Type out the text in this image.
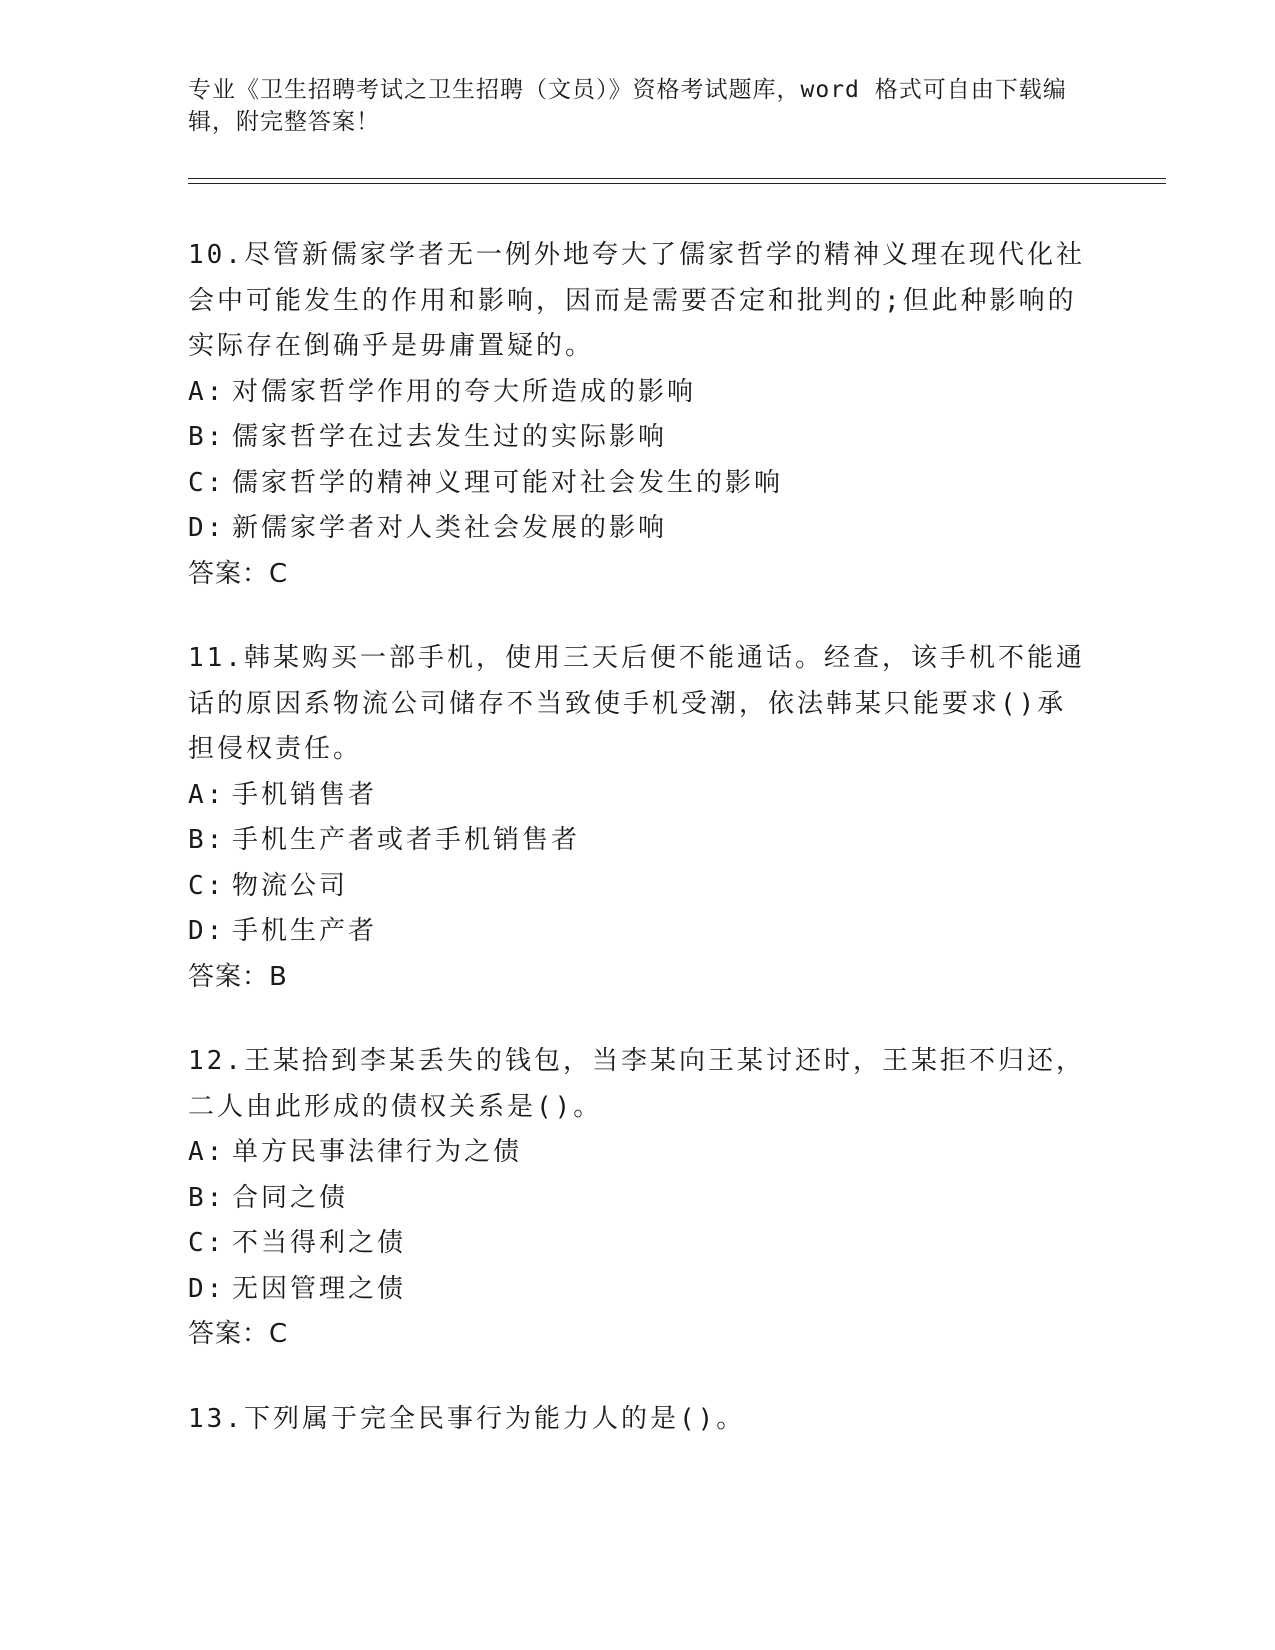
专业《卫生招聘考试之卫生招聘（文员）》资格考试题库，word 格式可自由下载编辑，附完整答案！
10.尽管新儒家学者无一例外地夸大了儒家哲学的精神义理在现代化社会中可能发生的作用和影响，因而是需要否定和批判的;但此种影响的实际存在倒确乎是毋庸置疑的。
A: 对儒家哲学作用的夸大所造成的影响
B: 儒家哲学在过去发生过的实际影响
C: 儒家哲学的精神义理可能对社会发生的影响
D: 新儒家学者对人类社会发展的影响
答案：C
11.韩某购买一部手机，使用三天后便不能通话。经查，该手机不能通话的原因系物流公司储存不当致使手机受潮，依法韩某只能要求()承担侵权责任。
A: 手机销售者
B: 手机生产者或者手机销售者
C: 物流公司
D: 手机生产者
答案：B
12.王某拾到李某丢失的钱包，当李某向王某讨还时，王某拒不归还，二人由此形成的债权关系是()。
A: 单方民事法律行为之债
B: 合同之债
C: 不当得利之债
D: 无因管理之债
答案：C
13.下列属于完全民事行为能力人的是()。
